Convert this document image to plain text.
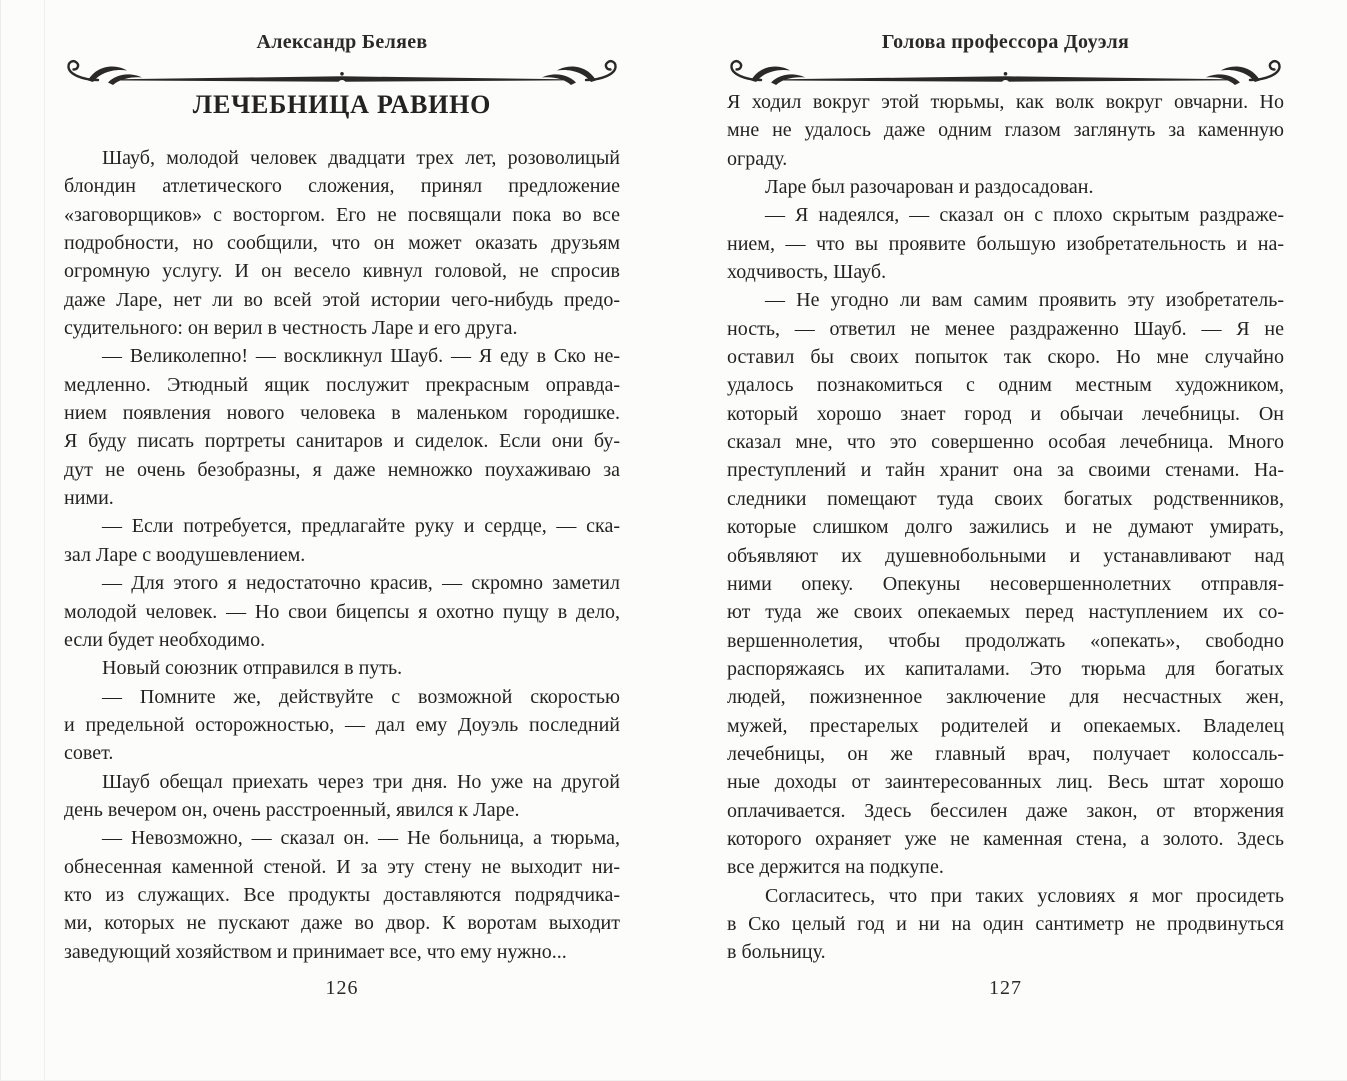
Александр Беляев
ЛЕЧЕБНИЦА РАВИНО
Шауб, молодой человек двадцати трех лет, розоволицый
блондин атлетического сложения, принял предложение
«заговорщиков» с восторгом. Его не посвящали пока во все
подробности, но сообщили, что он может оказать друзьям
огромную услугу. И он весело кивнул головой, не спросив
даже Ларе, нет ли во всей этой истории чего-нибудь предо-
судительного: он верил в честность Ларе и его друга.
— Великолепно! — воскликнул Шауб. — Я еду в Ско не-
медленно. Этюдный ящик послужит прекрасным оправда-
нием появления нового человека в маленьком городишке.
Я буду писать портреты санитаров и сиделок. Если они бу-
дут не очень безобразны, я даже немножко поухаживаю за
ними.
— Если потребуется, предлагайте руку и сердце, — ска-
зал Ларе с воодушевлением.
— Для этого я недостаточно красив, — скромно заметил
молодой человек. — Но свои бицепсы я охотно пущу в дело,
если будет необходимо.
Новый союзник отправился в путь.
— Помните же, действуйте с возможной скоростью
и предельной осторожностью, — дал ему Доуэль последний
совет.
Шауб обещал приехать через три дня. Но уже на другой
день вечером он, очень расстроенный, явился к Ларе.
— Невозможно, — сказал он. — Не больница, а тюрьма,
обнесенная каменной стеной. И за эту стену не выходит ни-
кто из служащих. Все продукты доставляются подрядчика-
ми, которых не пускают даже во двор. К воротам выходит
заведующий хозяйством и принимает все, что ему нужно...
126
Голова профессора Доуэля
Я ходил вокруг этой тюрьмы, как волк вокруг овчарни. Но
мне не удалось даже одним глазом заглянуть за каменную
ограду.
Ларе был разочарован и раздосадован.
— Я надеялся, — сказал он с плохо скрытым раздраже-
нием, — что вы проявите большую изобретательность и на-
ходчивость, Шауб.
— Не угодно ли вам самим проявить эту изобретатель-
ность, — ответил не менее раздраженно Шауб. — Я не
оставил бы своих попыток так скоро. Но мне случайно
удалось познакомиться с одним местным художником,
который хорошо знает город и обычаи лечебницы. Он
сказал мне, что это совершенно особая лечебница. Много
преступлений и тайн хранит она за своими стенами. На-
следники помещают туда своих богатых родственников,
которые слишком долго зажились и не думают умирать,
объявляют их душевнобольными и устанавливают над
ними опеку. Опекуны несовершеннолетних отправля-
ют туда же своих опекаемых перед наступлением их со-
вершеннолетия, чтобы продолжать «опекать», свободно
распоряжаясь их капиталами. Это тюрьма для богатых
людей, пожизненное заключение для несчастных жен,
мужей, престарелых родителей и опекаемых. Владелец
лечебницы, он же главный врач, получает колоссаль-
ные доходы от заинтересованных лиц. Весь штат хорошо
оплачивается. Здесь бессилен даже закон, от вторжения
которого охраняет уже не каменная стена, а золото. Здесь
все держится на подкупе.
Согласитесь, что при таких условиях я мог просидеть
в Ско целый год и ни на один сантиметр не продвинуться
в больницу.
127
